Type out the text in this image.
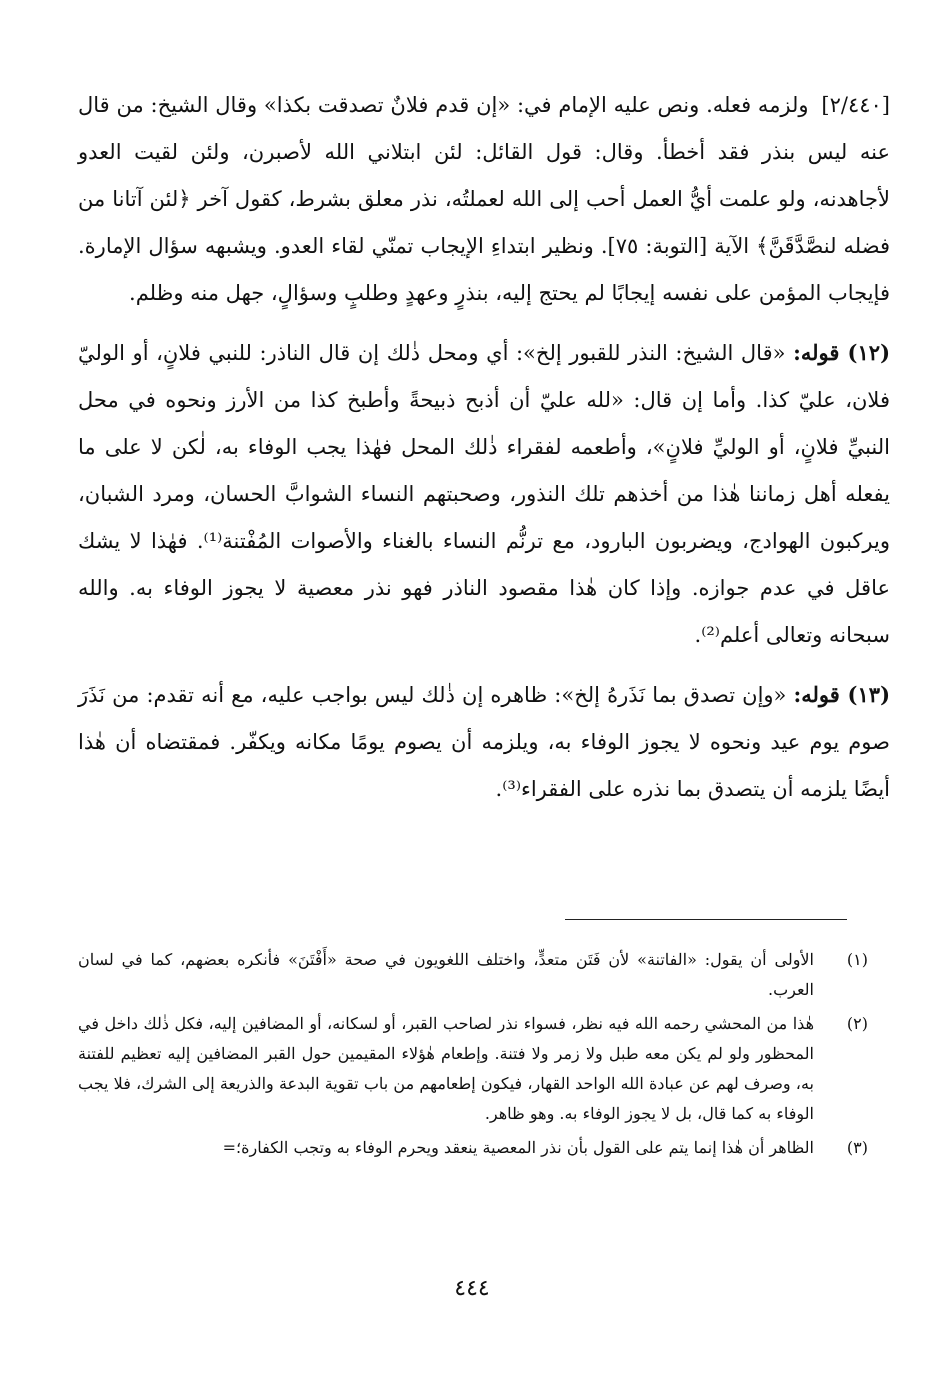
[٢/٤٤٠] ولزمه فعله. ونص عليه الإمام في: «إن قدم فلانٌ تصدقت بكذا» وقال الشيخ: من قال عنه ليس بنذر فقد أخطأ. وقال: قول القائل: لئن ابتلاني الله لأصبرن، ولئن لقيت العدو لأجاهدنه، ولو علمت أيُّ العمل أحب إلى الله لعملتُه، نذر معلق بشرط، كقول آخر ﴿لئن آتانا من فضله لنصَّدَّقَنَّ﴾ الآية [التوبة: ٧٥]. ونظير ابتداءِ الإيجاب تمنّي لقاء العدو. ويشبهه سؤال الإمارة. فإيجاب المؤمن على نفسه إيجابًا لم يحتج إليه، بنذرٍ وعهدٍ وطلبٍ وسؤالٍ، جهل منه وظلم.

(١٢) قوله: «قال الشيخ: النذر للقبور إلخ»: أي ومحل ذٰلك إن قال الناذر: للنبي فلانٍ، أو الوليّ فلان، عليّ كذا. وأما إن قال: «لله عليّ أن أذبح ذبيحةً وأطبخ كذا من الأرز ونحوه في محل النبيِّ فلانٍ، أو الوليِّ فلانٍ»، وأطعمه لفقراء ذٰلك المحل فهٰذا يجب الوفاء به، لٰكن لا على ما يفعله أهل زماننا هٰذا من أخذهم تلك النذور، وصحبتهم النساء الشوابَّ الحسان، ومرد الشبان، ويركبون الهوادج، ويضربون البارود، مع ترنُّم النساء بالغناء والأصوات المُفْتنة⁽¹⁾. فهٰذا لا يشك عاقل في عدم جوازه. وإذا كان هٰذا مقصود الناذر فهو نذر معصية لا يجوز الوفاء به. والله سبحانه وتعالى أعلم⁽²⁾.

(١٣) قوله: «وإن تصدق بما نَذَرهُ إلخ»: ظاهره إن ذٰلك ليس بواجب عليه، مع أنه تقدم: من نَذَرَ صوم يوم عيد ونحوه لا يجوز الوفاء به، ويلزمه أن يصوم يومًا مكانه ويكفّر. فمقتضاه أن هٰذا أيضًا يلزمه أن يتصدق بما نذره على الفقراء⁽³⁾.

(١)
الأولى أن يقول: «الفاتنة» لأن فَتَن متعدٍّ، واختلف اللغويون في صحة «أَفْتَنَ» فأنكره بعضهم، كما في لسان العرب.
(٢)
هٰذا من المحشي رحمه الله فيه نظر، فسواء نذر لصاحب القبر، أو لسكانه، أو المضافين إليه، فكل ذٰلك داخل في المحظور ولو لم يكن معه طبل ولا زمر ولا فتنة. وإطعام هٰؤلاء المقيمين حول القبر المضافين إليه تعظيم للفتنة به، وصرف لهم عن عبادة الله الواحد القهار، فيكون إطعامهم من باب تقوية البدعة والذريعة إلى الشرك، فلا يجب الوفاء به كما قال، بل لا يجوز الوفاء به. وهو ظاهر.
(٣)
الظاهر أن هٰذا إنما يتم على القول بأن نذر المعصية ينعقد ويحرم الوفاء به وتجب الكفارة؛=
٤٤٤
